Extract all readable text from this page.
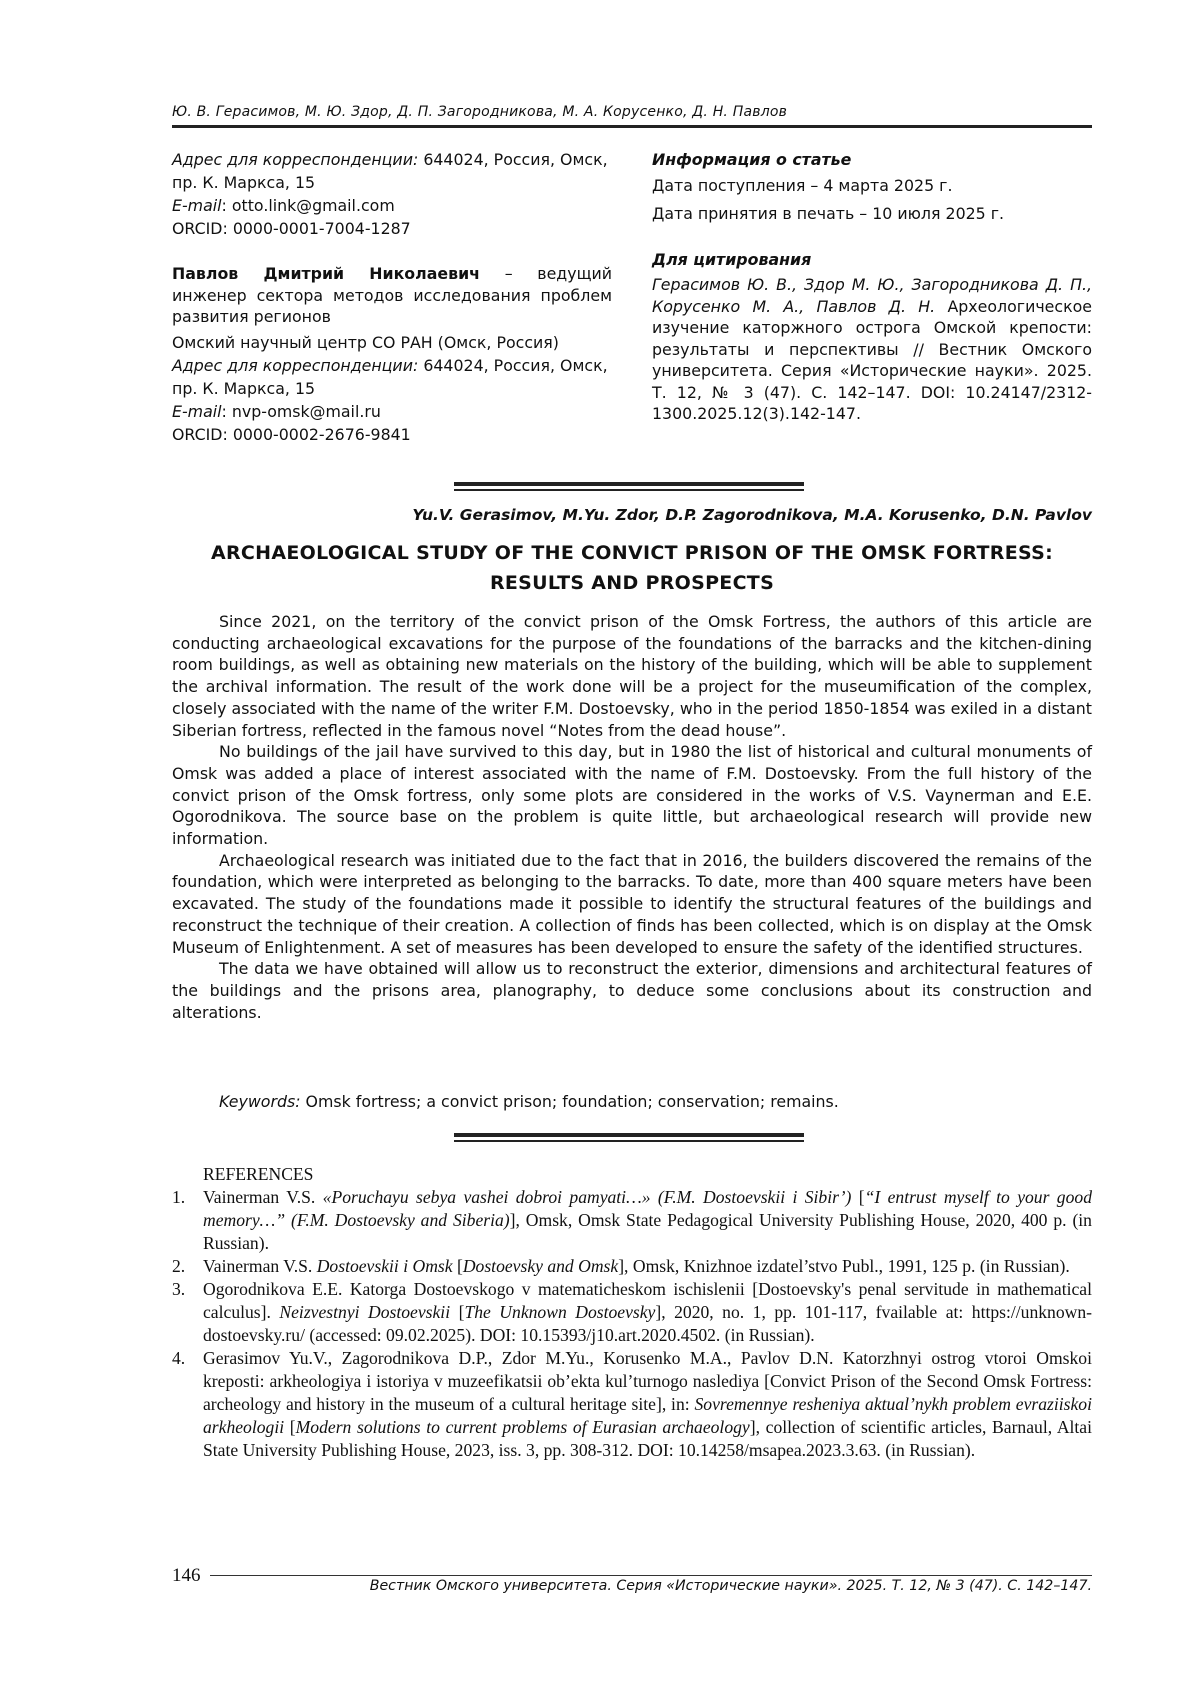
Ю. В. Герасимов, М. Ю. Здор, Д. П. Загородникова, М. А. Корусенко, Д. Н. Павлов

Адрес для корреспонденции: 644024, Россия, Омск, пр. К. Маркса, 15

E-mail: otto.link@gmail.com

ORCID: 0000-0001-7004-1287

Павлов Дмитрий Николаевич – ведущий инженер сектора методов исследования проблем развития регионов

Омский научный центр СО РАН (Омск, Россия)

Адрес для корреспонденции: 644024, Россия, Омск, пр. К. Маркса, 15

E-mail: nvp-omsk@mail.ru

ORCID: 0000-0002-2676-9841

Информация о статье

Дата поступления – 4 марта 2025 г.

Дата принятия в печать – 10 июля 2025 г.

Для цитирования

Герасимов Ю. В., Здор М. Ю., Загородникова Д. П., Корусенко М. А., Павлов Д. Н. Археологическое изучение каторжного острога Омской крепости: результаты и перспективы // Вестник Омского университета. Серия «Исторические науки». 2025. Т. 12, № 3 (47). С. 142–147. DOI: 10.24147/2312-1300.2025.12(3).142-147.

Yu.V. Gerasimov, M.Yu. Zdor, D.P. Zagorodnikova, M.A. Korusenko, D.N. Pavlov
ARCHAEOLOGICAL STUDY OF THE CONVICT PRISON OF THE OMSK FORTRESS:
RESULTS AND PROSPECTS

Since 2021, on the territory of the convict prison of the Omsk Fortress, the authors of this article are conducting archaeological excavations for the purpose of the foundations of the barracks and the kitchen-dining room buildings, as well as obtaining new materials on the history of the building, which will be able to supplement the archival information. The result of the work done will be a project for the museumification of the complex, closely associated with the name of the writer F.M. Dostoevsky, who in the period 1850-1854 was exiled in a distant Siberian fortress, reflected in the famous novel “Notes from the dead house”.

No buildings of the jail have survived to this day, but in 1980 the list of historical and cultural monuments of Omsk was added a place of interest associated with the name of F.M. Dostoevsky. From the full history of the convict prison of the Omsk fortress, only some plots are considered in the works of V.S. Vaynerman and E.E. Ogorodnikova. The source base on the problem is quite little, but archaeological research will provide new information.

Archaeological research was initiated due to the fact that in 2016, the builders discovered the remains of the foundation, which were interpreted as belonging to the barracks. To date, more than 400 square meters have been excavated. The study of the foundations made it possible to identify the structural features of the buildings and reconstruct the technique of their creation. A collection of finds has been collected, which is on display at the Omsk Museum of Enlightenment. A set of measures has been developed to ensure the safety of the identified structures.

The data we have obtained will allow us to reconstruct the exterior, dimensions and architectural features of the buildings and the prisons area, planography, to deduce some conclusions about its construction and alterations.

Keywords: Omsk fortress; a convict prison; foundation; conservation; remains.
REFERENCES
1. Vainerman V.S. «Poruchayu sebya vashei dobroi pamyati…» (F.M. Dostoevskii i Sibir’) [“I entrust myself to your good memory…” (F.M. Dostoevsky and Siberia)], Omsk, Omsk State Pedagogical University Publishing House, 2020, 400 p. (in Russian).
2. Vainerman V.S. Dostoevskii i Omsk [Dostoevsky and Omsk], Omsk, Knizhnoe izdatel’stvo Publ., 1991, 125 p. (in Russian).
3. Ogorodnikova E.E. Katorga Dostoevskogo v matematicheskom ischislenii [Dostoevsky's penal servitude in mathematical calculus]. Neizvestnyi Dostoevskii [The Unknown Dostoevsky], 2020, no. 1, pp. 101-117, fvailable at: https://unknown-dostoevsky.ru/ (accessed: 09.02.2025). DOI: 10.15393/j10.art.2020.4502. (in Russian).
4. Gerasimov Yu.V., Zagorodnikova D.P., Zdor M.Yu., Korusenko M.A., Pavlov D.N. Katorzhnyi ostrog vtoroi Omskoi kreposti: arkheologiya i istoriya v muzeefikatsii ob’ekta kul’turnogo naslediya [Convict Prison of the Second Omsk Fortress: archeology and history in the museum of a cultural heritage site], in: Sovremennye resheniya aktual’nykh problem evraziiskoi arkheologii [Modern solutions to current problems of Eurasian archaeology], collection of scientific articles, Barnaul, Altai State University Publishing House, 2023, iss. 3, pp. 308-312. DOI: 10.14258/msapea.2023.3.63. (in Russian).
146	Вестник Омского университета. Серия «Исторические науки». 2025. Т. 12, № 3 (47). С. 142–147.
